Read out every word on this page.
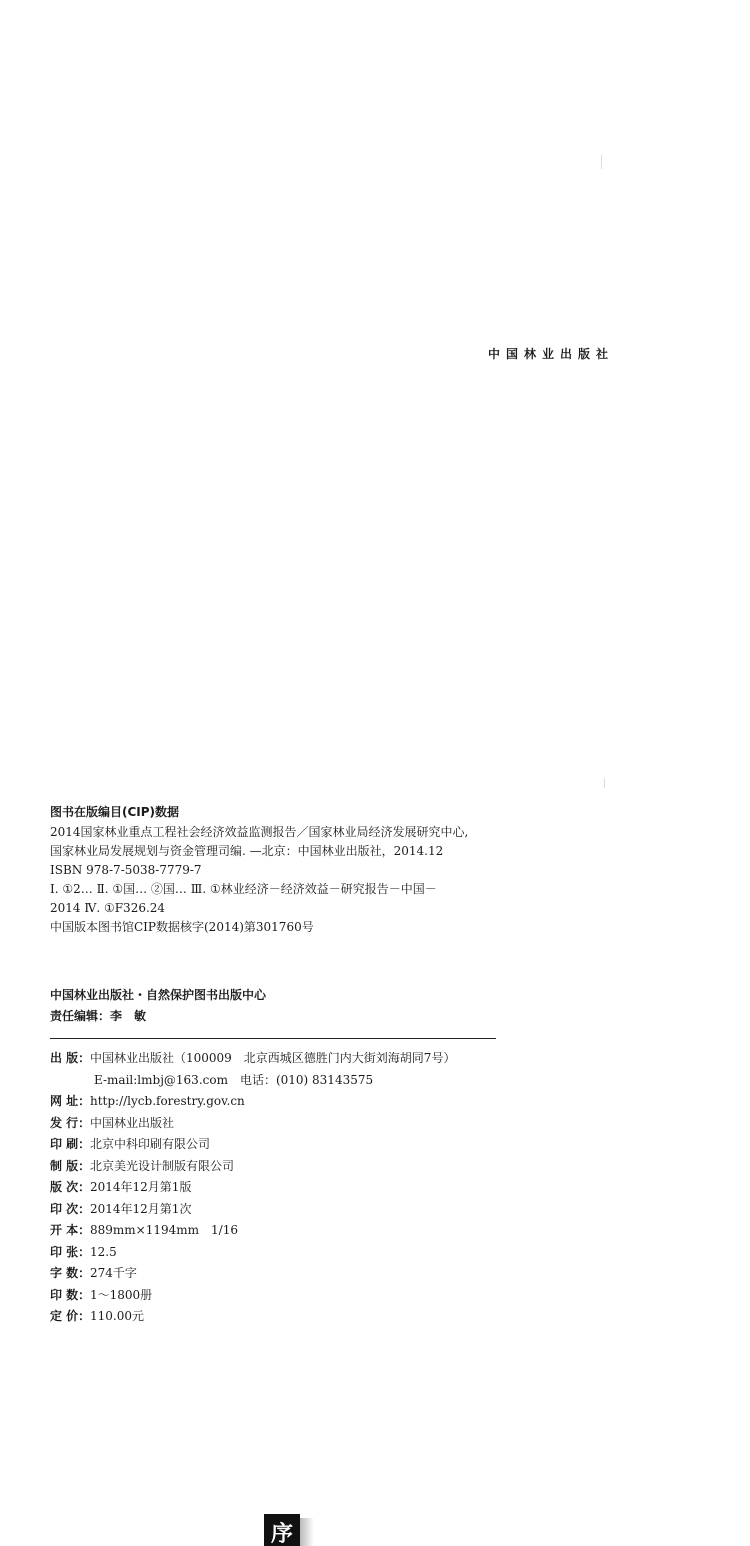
中国林业出版社
图书在版编目(CIP)数据
2014国家林业重点工程社会经济效益监测报告／国家林业局经济发展研究中心,
国家林业局发展规划与资金管理司编. —北京：中国林业出版社，2014.12
ISBN 978-7-5038-7779-7
Ⅰ. ①2… Ⅱ. ①国… ②国… Ⅲ. ①林业经济－经济效益－研究报告－中国－
2014 Ⅳ. ①F326.24
中国版本图书馆CIP数据核字(2014)第301760号
中国林业出版社・自然保护图书出版中心
责任编辑：李　敏
出 版： 中国林业出版社（100009　北京西城区德胜门内大街刘海胡同7号）
E-mail:lmbj@163.com　电话：(010) 83143575
网 址： http://lycb.forestry.gov.cn
发 行： 中国林业出版社
印 刷： 北京中科印刷有限公司
制 版： 北京美光设计制版有限公司
版 次： 2014年12月第1版
印 次： 2014年12月第1次
开 本： 889mm×1194mm　1/16
印 张： 12.5
字 数： 274千字
印 数： 1～1800册
定 价： 110.00元
序
